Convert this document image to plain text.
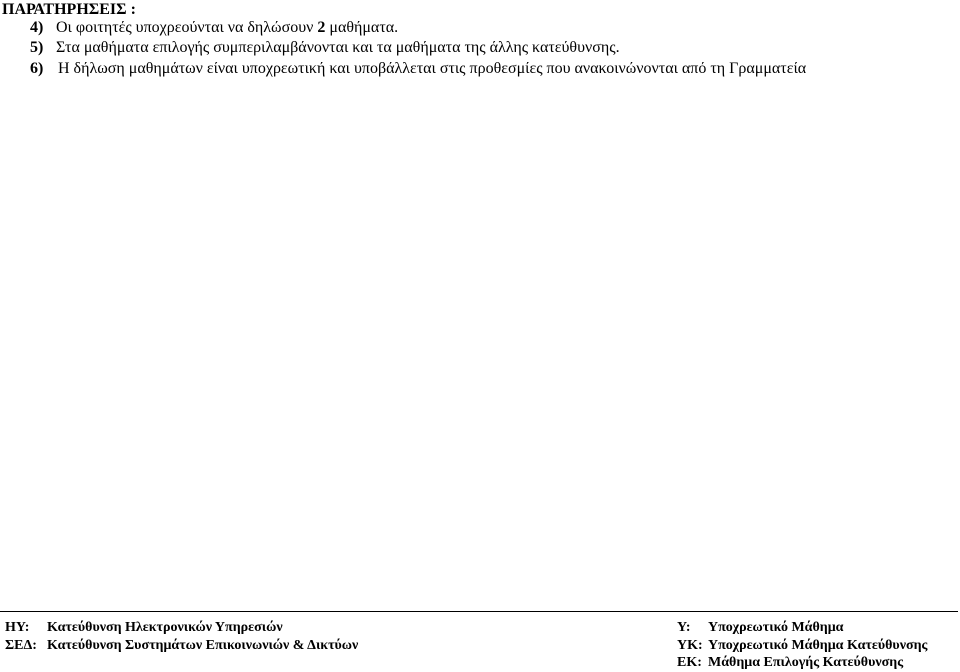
ΠΑΡΑΤΗΡΗΣΕΙΣ :
4) Οι φοιτητές υποχρεούνται να δηλώσουν 2 μαθήματα.
5) Στα μαθήματα επιλογής συμπεριλαμβάνονται και τα μαθήματα της άλλης κατεύθυνσης.
6) Η δήλωση μαθημάτων είναι υποχρεωτική και υποβάλλεται στις προθεσμίες που ανακοινώνονται από τη Γραμματεία
ΗΥ: Κατεύθυνση Ηλεκτρονικών Υπηρεσιών
ΣΕΔ: Κατεύθυνση Συστημάτων Επικοινωνιών & Δικτύων
Υ: Υποχρεωτικό Μάθημα
ΥΚ: Υποχρεωτικό Μάθημα Κατεύθυνσης
ΕΚ: Μάθημα Επιλογής Κατεύθυνσης
